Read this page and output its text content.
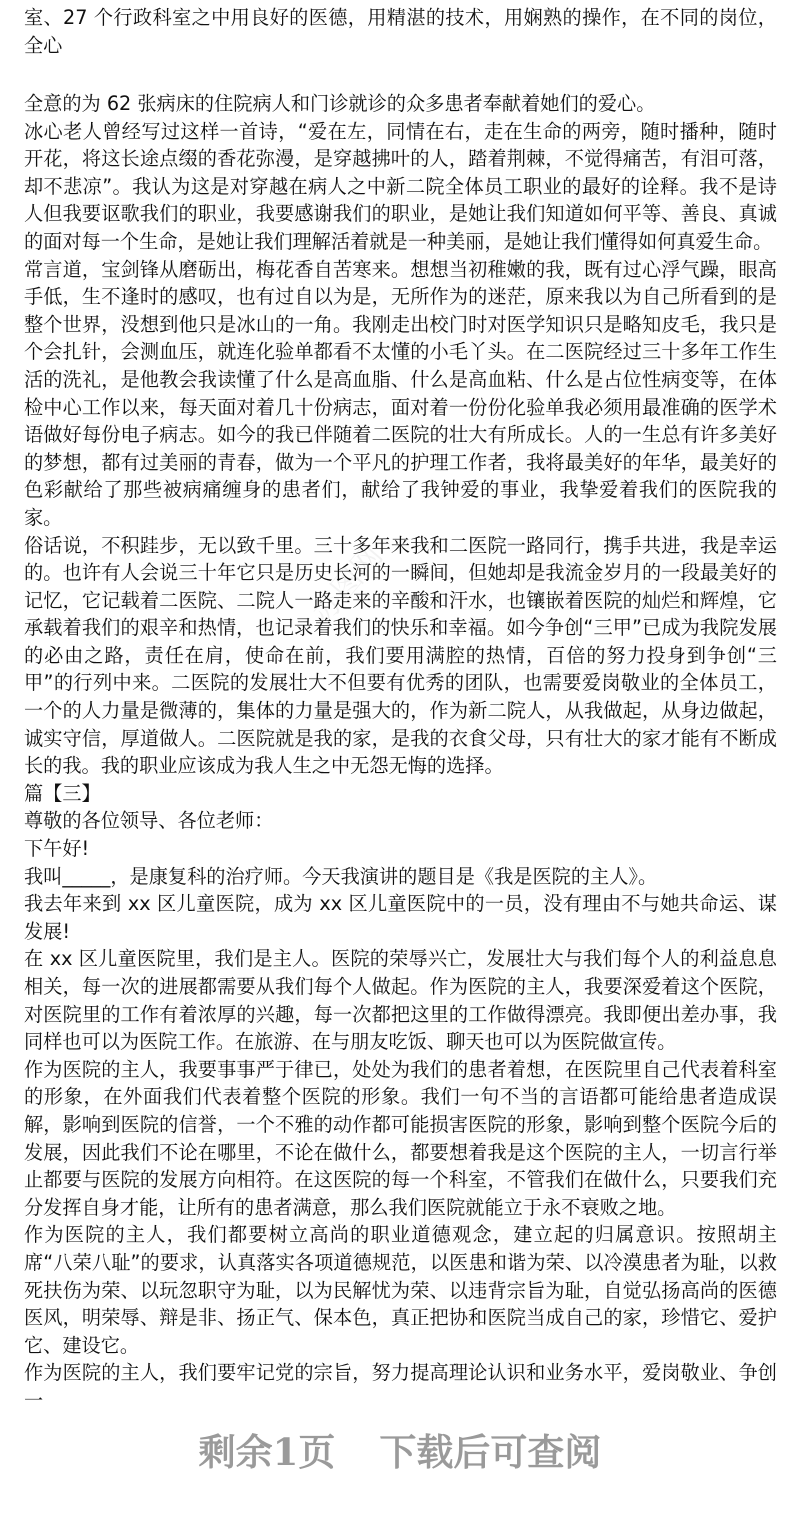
办图网

室、27 个行政科室之中用良好的医德，用精湛的技术，用娴熟的操作，在不同的岗位，全心

全意的为 62 张病床的住院病人和门诊就诊的众多患者奉献着她们的爱心。

冰心老人曾经写过这样一首诗，“爱在左，同情在右，走在生命的两旁，随时播种，随时开花，将这长途点缀的香花弥漫，是穿越拂叶的人，踏着荆棘，不觉得痛苦，有泪可落，却不悲凉”。我认为这是对穿越在病人之中新二院全体员工职业的最好的诠释。我不是诗人但我要讴歌我们的职业，我要感谢我们的职业，是她让我们知道如何平等、善良、真诚的面对每一个生命，是她让我们理解活着就是一种美丽，是她让我们懂得如何真爱生命。

常言道，宝剑锋从磨砺出，梅花香自苦寒来。想想当初稚嫩的我，既有过心浮气躁，眼高手低，生不逢时的感叹，也有过自以为是，无所作为的迷茫，原来我以为自己所看到的是整个世界，没想到他只是冰山的一角。我刚走出校门时对医学知识只是略知皮毛，我只是个会扎针，会测血压，就连化验单都看不太懂的小毛丫头。在二医院经过三十多年工作生活的洗礼，是他教会我读懂了什么是高血脂、什么是高血粘、什么是占位性病变等，在体检中心工作以来，每天面对着几十份病志，面对着一份份化验单我必须用最准确的医学术语做好每份电子病志。如今的我已伴随着二医院的壮大有所成长。人的一生总有许多美好的梦想，都有过美丽的青春，做为一个平凡的护理工作者，我将最美好的年华，最美好的色彩献给了那些被病痛缠身的患者们，献给了我钟爱的事业，我挚爱着我们的医院我的家。

俗话说，不积跬步，无以致千里。三十多年来我和二医院一路同行，携手共进，我是幸运的。也许有人会说三十年它只是历史长河的一瞬间，但她却是我流金岁月的一段最美好的记忆，它记载着二医院、二院人一路走来的辛酸和汗水，也镶嵌着医院的灿烂和辉煌，它承载着我们的艰辛和热情，也记录着我们的快乐和幸福。如今争创“三甲”已成为我院发展的必由之路，责任在肩，使命在前，我们要用满腔的热情，百倍的努力投身到争创“三甲”的行列中来。二医院的发展壮大不但要有优秀的团队，也需要爱岗敬业的全体员工，一个的人力量是微薄的，集体的力量是强大的，作为新二院人，从我做起，从身边做起，诚实守信，厚道做人。二医院就是我的家，是我的衣食父母，只有壮大的家才能有不断成长的我。我的职业应该成为我人生之中无怨无悔的选择。

篇【三】

尊敬的各位领导、各位老师：

下午好!

我叫_____，是康复科的治疗师。今天我演讲的题目是《我是医院的主人》。

我去年来到 xx 区儿童医院，成为 xx 区儿童医院中的一员，没有理由不与她共命运、谋发展!

在 xx 区儿童医院里，我们是主人。医院的荣辱兴亡，发展壮大与我们每个人的利益息息相关，每一次的进展都需要从我们每个人做起。作为医院的主人，我要深爱着这个医院，对医院里的工作有着浓厚的兴趣，每一次都把这里的工作做得漂亮。我即便出差办事，我同样也可以为医院工作。在旅游、在与朋友吃饭、聊天也可以为医院做宣传。

作为医院的主人，我要事事严于律已，处处为我们的患者着想，在医院里自己代表着科室的形象，在外面我们代表着整个医院的形象。我们一句不当的言语都可能给患者造成误解，影响到医院的信誉，一个不雅的动作都可能损害医院的形象，影响到整个医院今后的发展，因此我们不论在哪里，不论在做什么，都要想着我是这个医院的主人，一切言行举止都要与医院的发展方向相符。在这医院的每一个科室，不管我们在做什么，只要我们充分发挥自身才能，让所有的患者满意，那么我们医院就能立于永不衰败之地。

作为医院的主人，我们都要树立高尚的职业道德观念，建立起的归属意识。按照胡主席“八荣八耻”的要求，认真落实各项道德规范，以医患和谐为荣、以冷漠患者为耻，以救死扶伤为荣、以玩忽职守为耻，以为民解忧为荣、以违背宗旨为耻，自觉弘扬高尚的医德医风，明荣辱、辩是非、扬正气、保本色，真正把协和医院当成自己的家，珍惜它、爱护它、建设它。

作为医院的主人，我们要牢记党的宗旨，努力提高理论认识和业务水平，爱岗敬业、争创一

剩余1页 下载后可查阅
